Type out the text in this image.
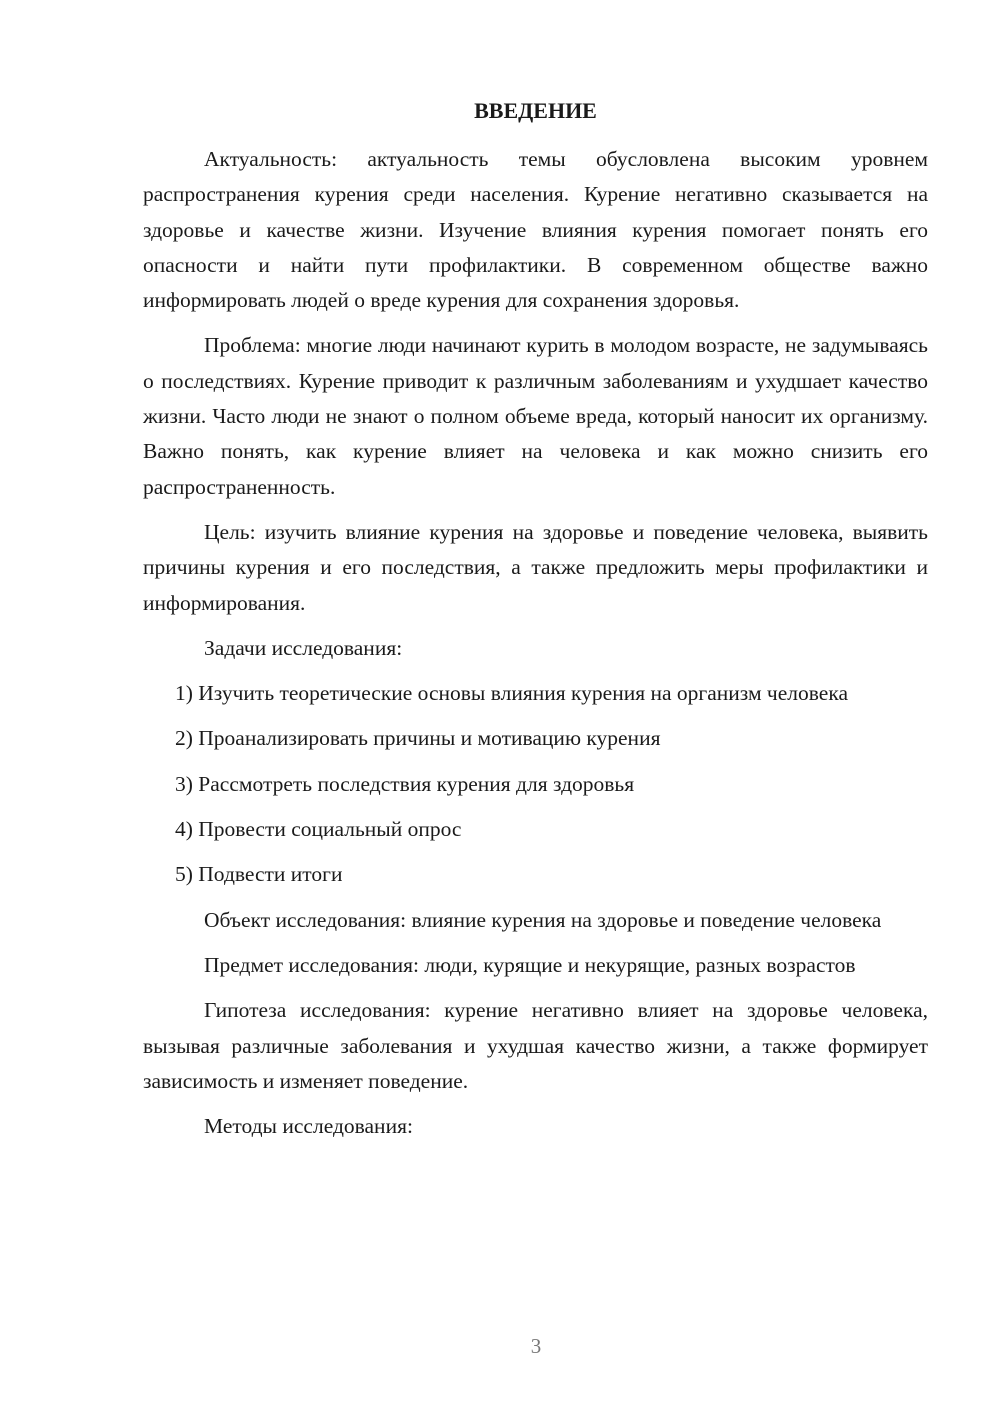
ВВЕДЕНИЕ

Актуальность: актуальность темы обусловлена высоким уровнем распространения курения среди населения. Курение негативно сказывается на здоровье и качестве жизни. Изучение влияния курения помогает понять его опасности и найти пути профилактики. В современном обществе важно информировать людей о вреде курения для сохранения здоровья.

Проблема: многие люди начинают курить в молодом возрасте, не задумываясь о последствиях. Курение приводит к различным заболеваниям и ухудшает качество жизни. Часто люди не знают о полном объеме вреда, который наносит их организму. Важно понять, как курение влияет на человека и как можно снизить его распространенность.

Цель: изучить влияние курения на здоровье и поведение человека, выявить причины курения и его последствия, а также предложить меры профилактики и информирования.

Задачи исследования:

1) Изучить теоретические основы влияния курения на организм человека

2) Проанализировать причины и мотивацию курения

3) Рассмотреть последствия курения для здоровья

4) Провести социальный опрос

5) Подвести итоги

Объект исследования: влияние курения на здоровье и поведение человека

Предмет исследования: люди, курящие и некурящие, разных возрастов

Гипотеза исследования: курение негативно влияет на здоровье человека, вызывая различные заболевания и ухудшая качество жизни, а также формирует зависимость и изменяет поведение.

Методы исследования:

3
